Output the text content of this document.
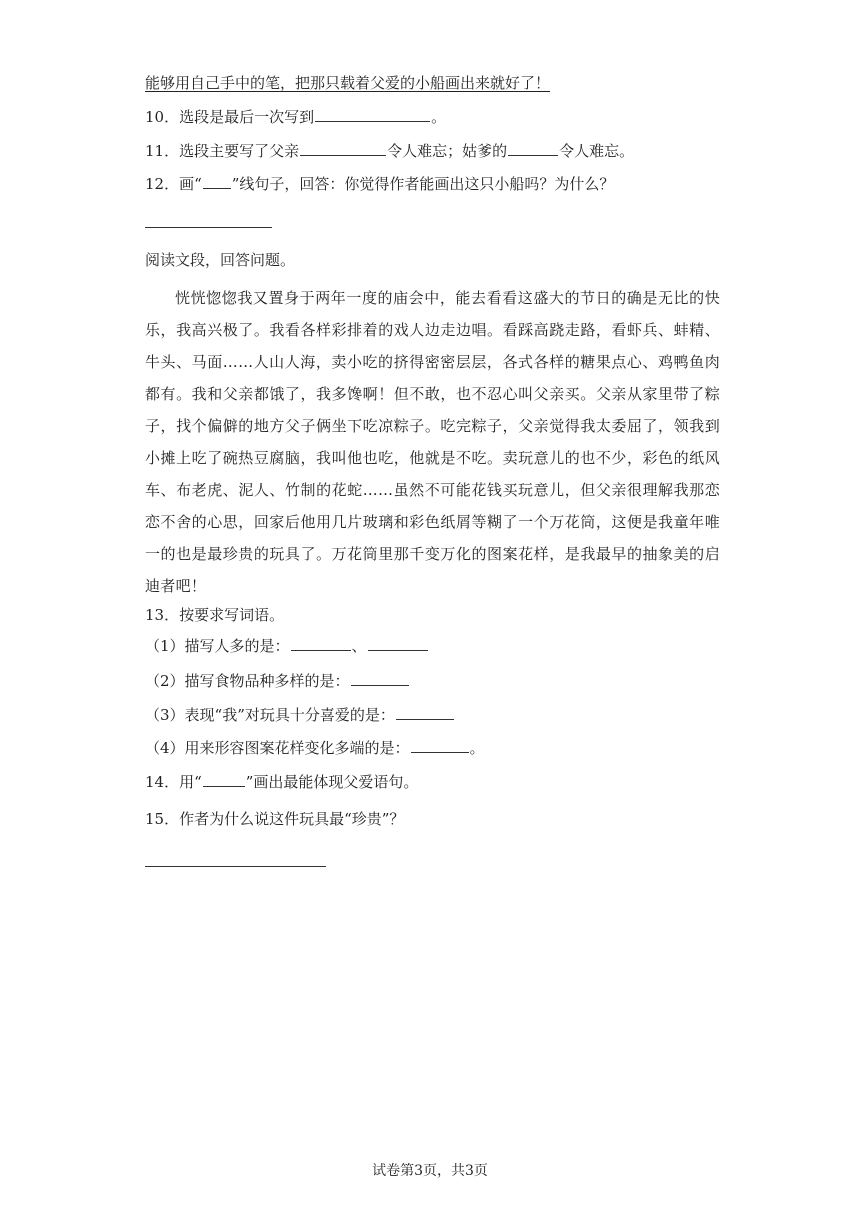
能够用自己手中的笔，把那只载着父爱的小船画出来就好了！
10．选段是最后一次写到	。
11．选段主要写了父亲	令人难忘；姑爹的	令人难忘。
12．画“ ”线句子，回答：你觉得作者能画出这只小船吗？为什么？
阅读文段，回答问题。
恍恍惚惚我又置身于两年一度的庙会中，能去看看这盛大的节日的确是无比的快乐，我高兴极了。我看各样彩排着的戏人边走边唱。看踩高跷走路，看虾兵、蚌精、牛头、马面……人山人海，卖小吃的挤得密密层层，各式各样的糖果点心、鸡鸭鱼肉都有。我和父亲都饿了，我多馋啊！但不敢，也不忍心叫父亲买。父亲从家里带了粽子，找个偏僻的地方父子俩坐下吃凉粽子。吃完粽子，父亲觉得我太委屈了，领我到小摊上吃了碗热豆腐脑，我叫他也吃，他就是不吃。卖玩意儿的也不少，彩色的纸风车、布老虎、泥人、竹制的花蛇……虽然不可能花钱买玩意儿，但父亲很理解我那恋恋不舍的心思，回家后他用几片玻璃和彩色纸屑等糊了一个万花筒，这便是我童年唯一的也是最珍贵的玩具了。万花筒里那千变万化的图案花样，是我最早的抽象美的启迪者吧！
13．按要求写词语。
（1）描写人多的是：	、
（2）描写食物品种多样的是：
（3）表现“我”对玩具十分喜爱的是：
（4）用来形容图案花样变化多端的是：	。
14．用“	”画出最能体现父爱语句。
15．作者为什么说这件玩具最“珍贵”？
试卷第3页，共3页
